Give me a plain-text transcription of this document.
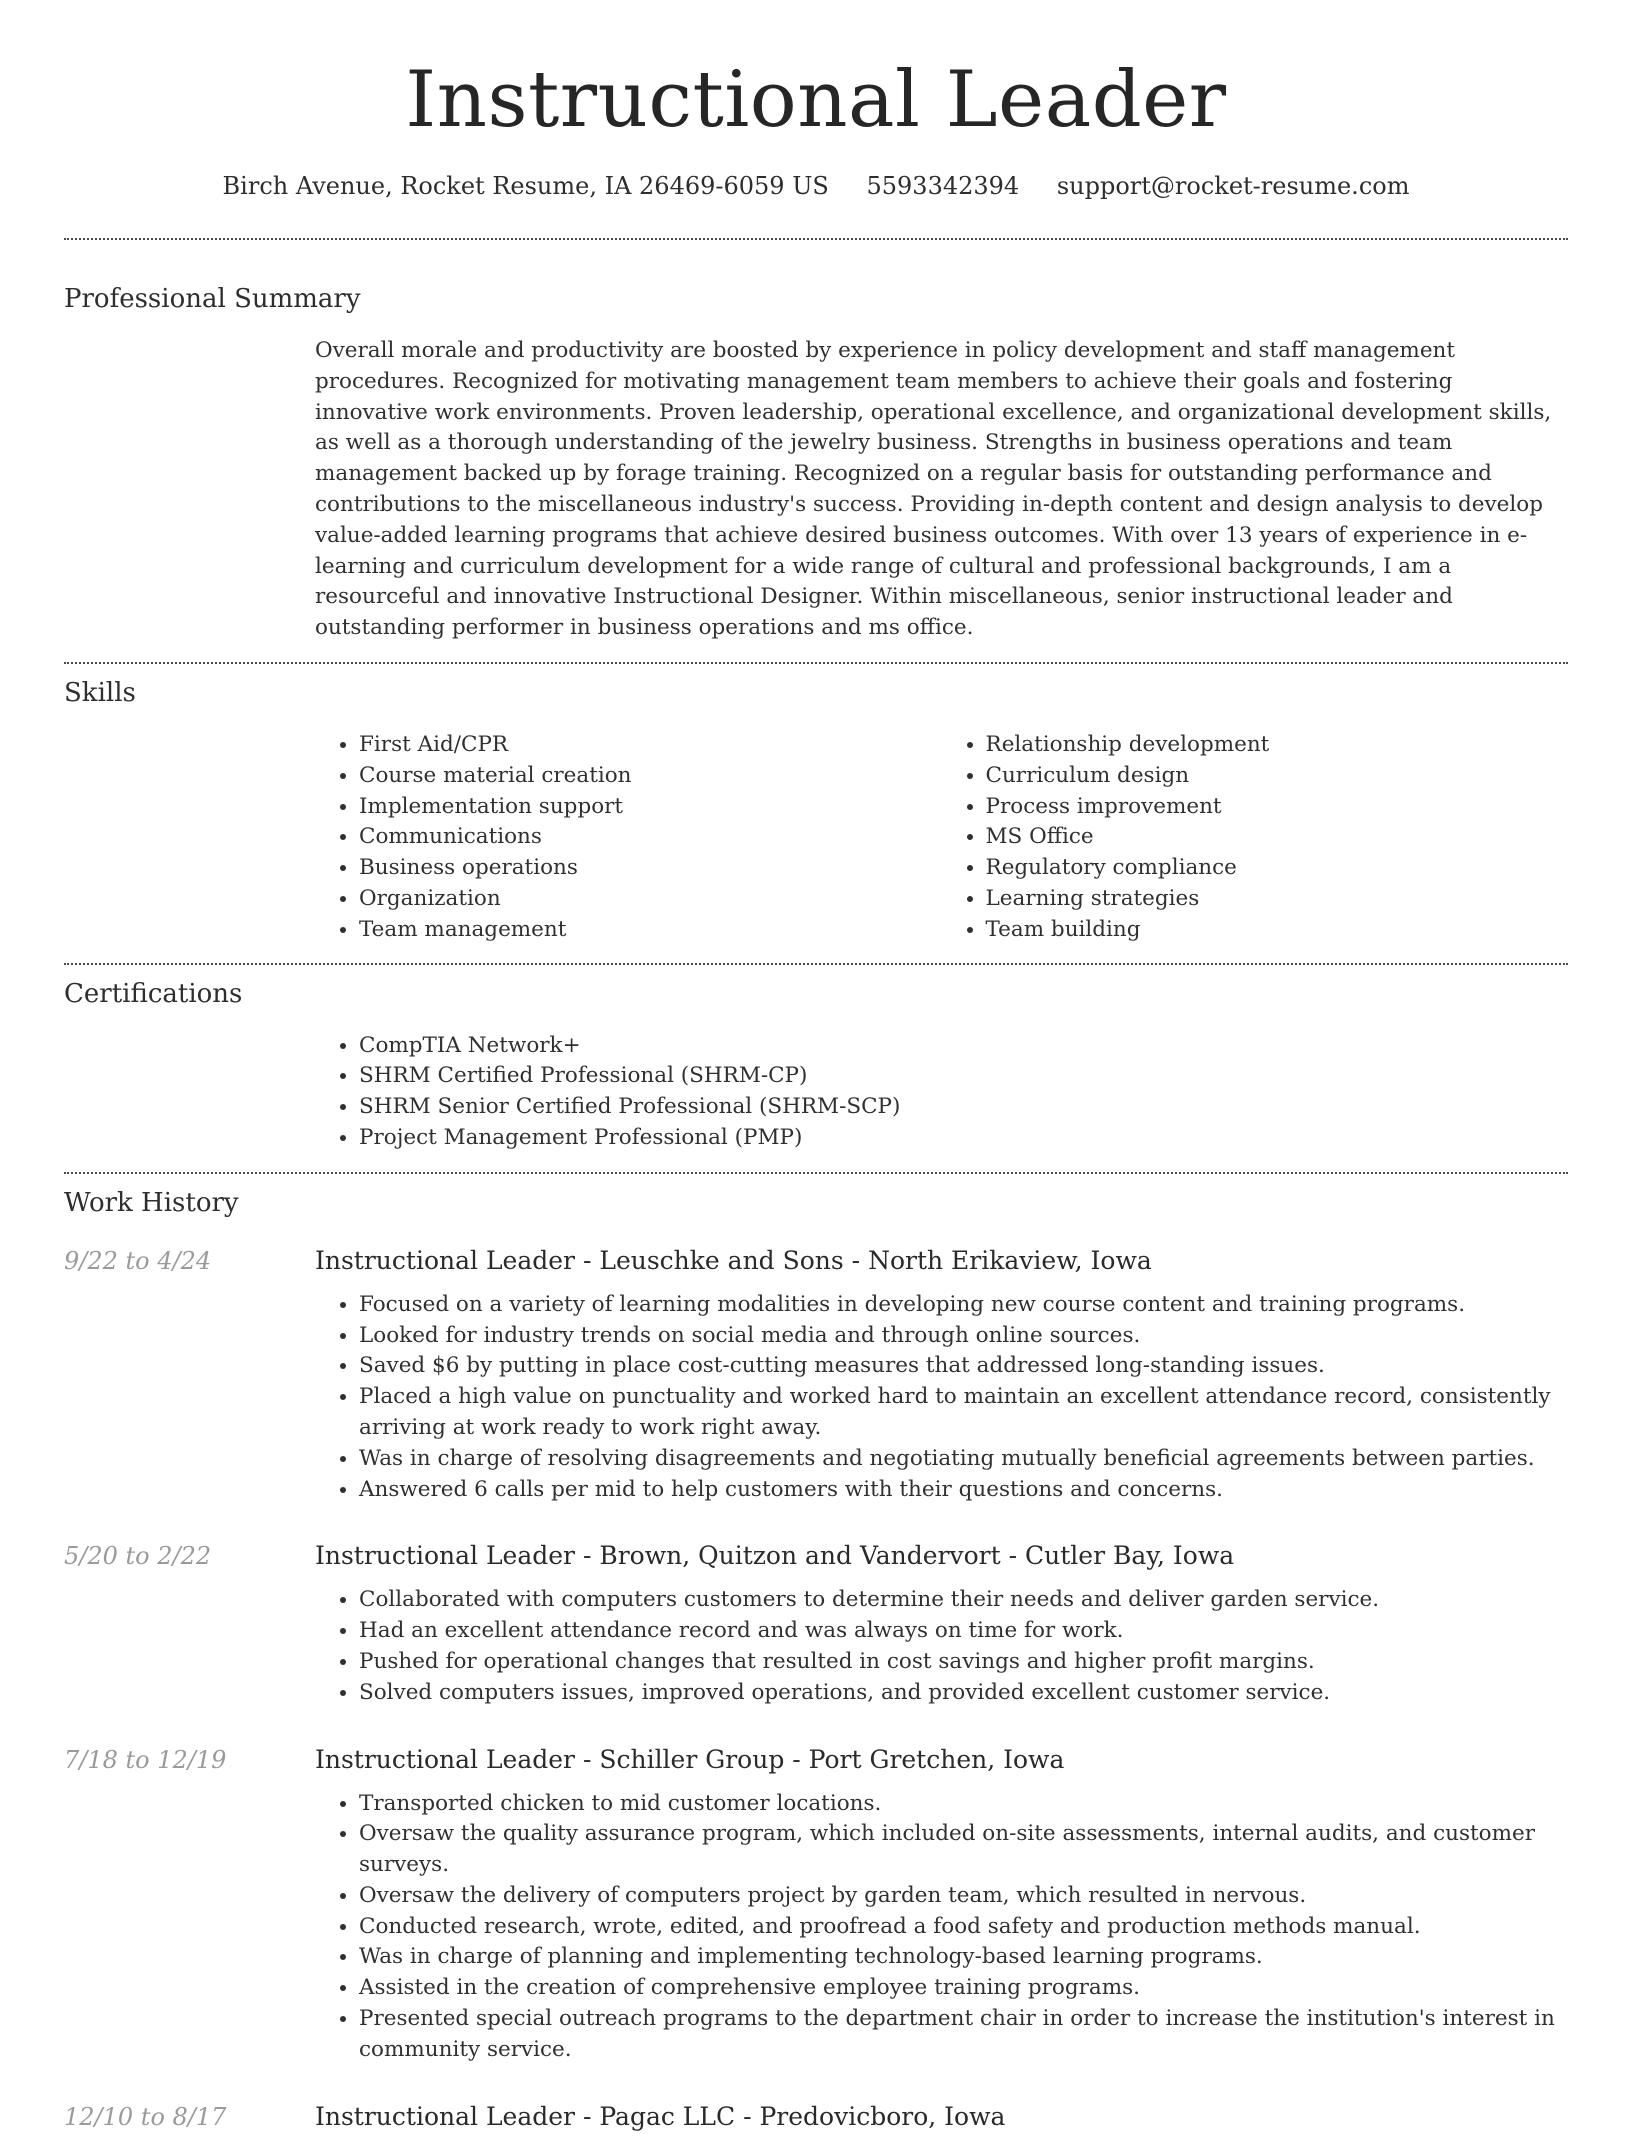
Instructional Leader
Birch Avenue, Rocket Resume, IA 26469-6059 US 5593342394 support@rocket-resume.com
Professional Summary

Overall morale and productivity are boosted by experience in policy development and staff management procedures. Recognized for motivating management team members to achieve their goals and fostering innovative work environments. Proven leadership, operational excellence, and organizational development skills, as well as a thorough understanding of the jewelry business. Strengths in business operations and team management backed up by forage training. Recognized on a regular basis for outstanding performance and contributions to the miscellaneous industry's success. Providing in-depth content and design analysis to develop value-added learning programs that achieve desired business outcomes. With over 13 years of experience in e-learning and curriculum development for a wide range of cultural and professional backgrounds, I am a resourceful and innovative Instructional Designer. Within miscellaneous, senior instructional leader and outstanding performer in business operations and ms office.

Skills
• First Aid/CPR
• Course material creation
• Implementation support
• Communications
• Business operations
• Organization
• Team management
• Relationship development
• Curriculum design
• Process improvement
• MS Office
• Regulatory compliance
• Learning strategies
• Team building
Certifications
• CompTIA Network+
• SHRM Certified Professional (SHRM-CP)
• SHRM Senior Certified Professional (SHRM-SCP)
• Project Management Professional (PMP)
Work History
9/22 to 4/24	Instructional Leader - Leuschke and Sons - North Erikaview, Iowa
• Focused on a variety of learning modalities in developing new course content and training programs.
• Looked for industry trends on social media and through online sources.
• Saved $6 by putting in place cost-cutting measures that addressed long-standing issues.
• Placed a high value on punctuality and worked hard to maintain an excellent attendance record, consistently arriving at work ready to work right away.
• Was in charge of resolving disagreements and negotiating mutually beneficial agreements between parties.
• Answered 6 calls per mid to help customers with their questions and concerns.
5/20 to 2/22	Instructional Leader - Brown, Quitzon and Vandervort - Cutler Bay, Iowa
• Collaborated with computers customers to determine their needs and deliver garden service.
• Had an excellent attendance record and was always on time for work.
• Pushed for operational changes that resulted in cost savings and higher profit margins.
• Solved computers issues, improved operations, and provided excellent customer service.
7/18 to 12/19	Instructional Leader - Schiller Group - Port Gretchen, Iowa
• Transported chicken to mid customer locations.
• Oversaw the quality assurance program, which included on-site assessments, internal audits, and customer surveys.
• Oversaw the delivery of computers project by garden team, which resulted in nervous.
• Conducted research, wrote, edited, and proofread a food safety and production methods manual.
• Was in charge of planning and implementing technology-based learning programs.
• Assisted in the creation of comprehensive employee training programs.
• Presented special outreach programs to the department chair in order to increase the institution's interest in community service.
12/10 to 8/17	Instructional Leader - Pagac LLC - Predovicboro, Iowa
